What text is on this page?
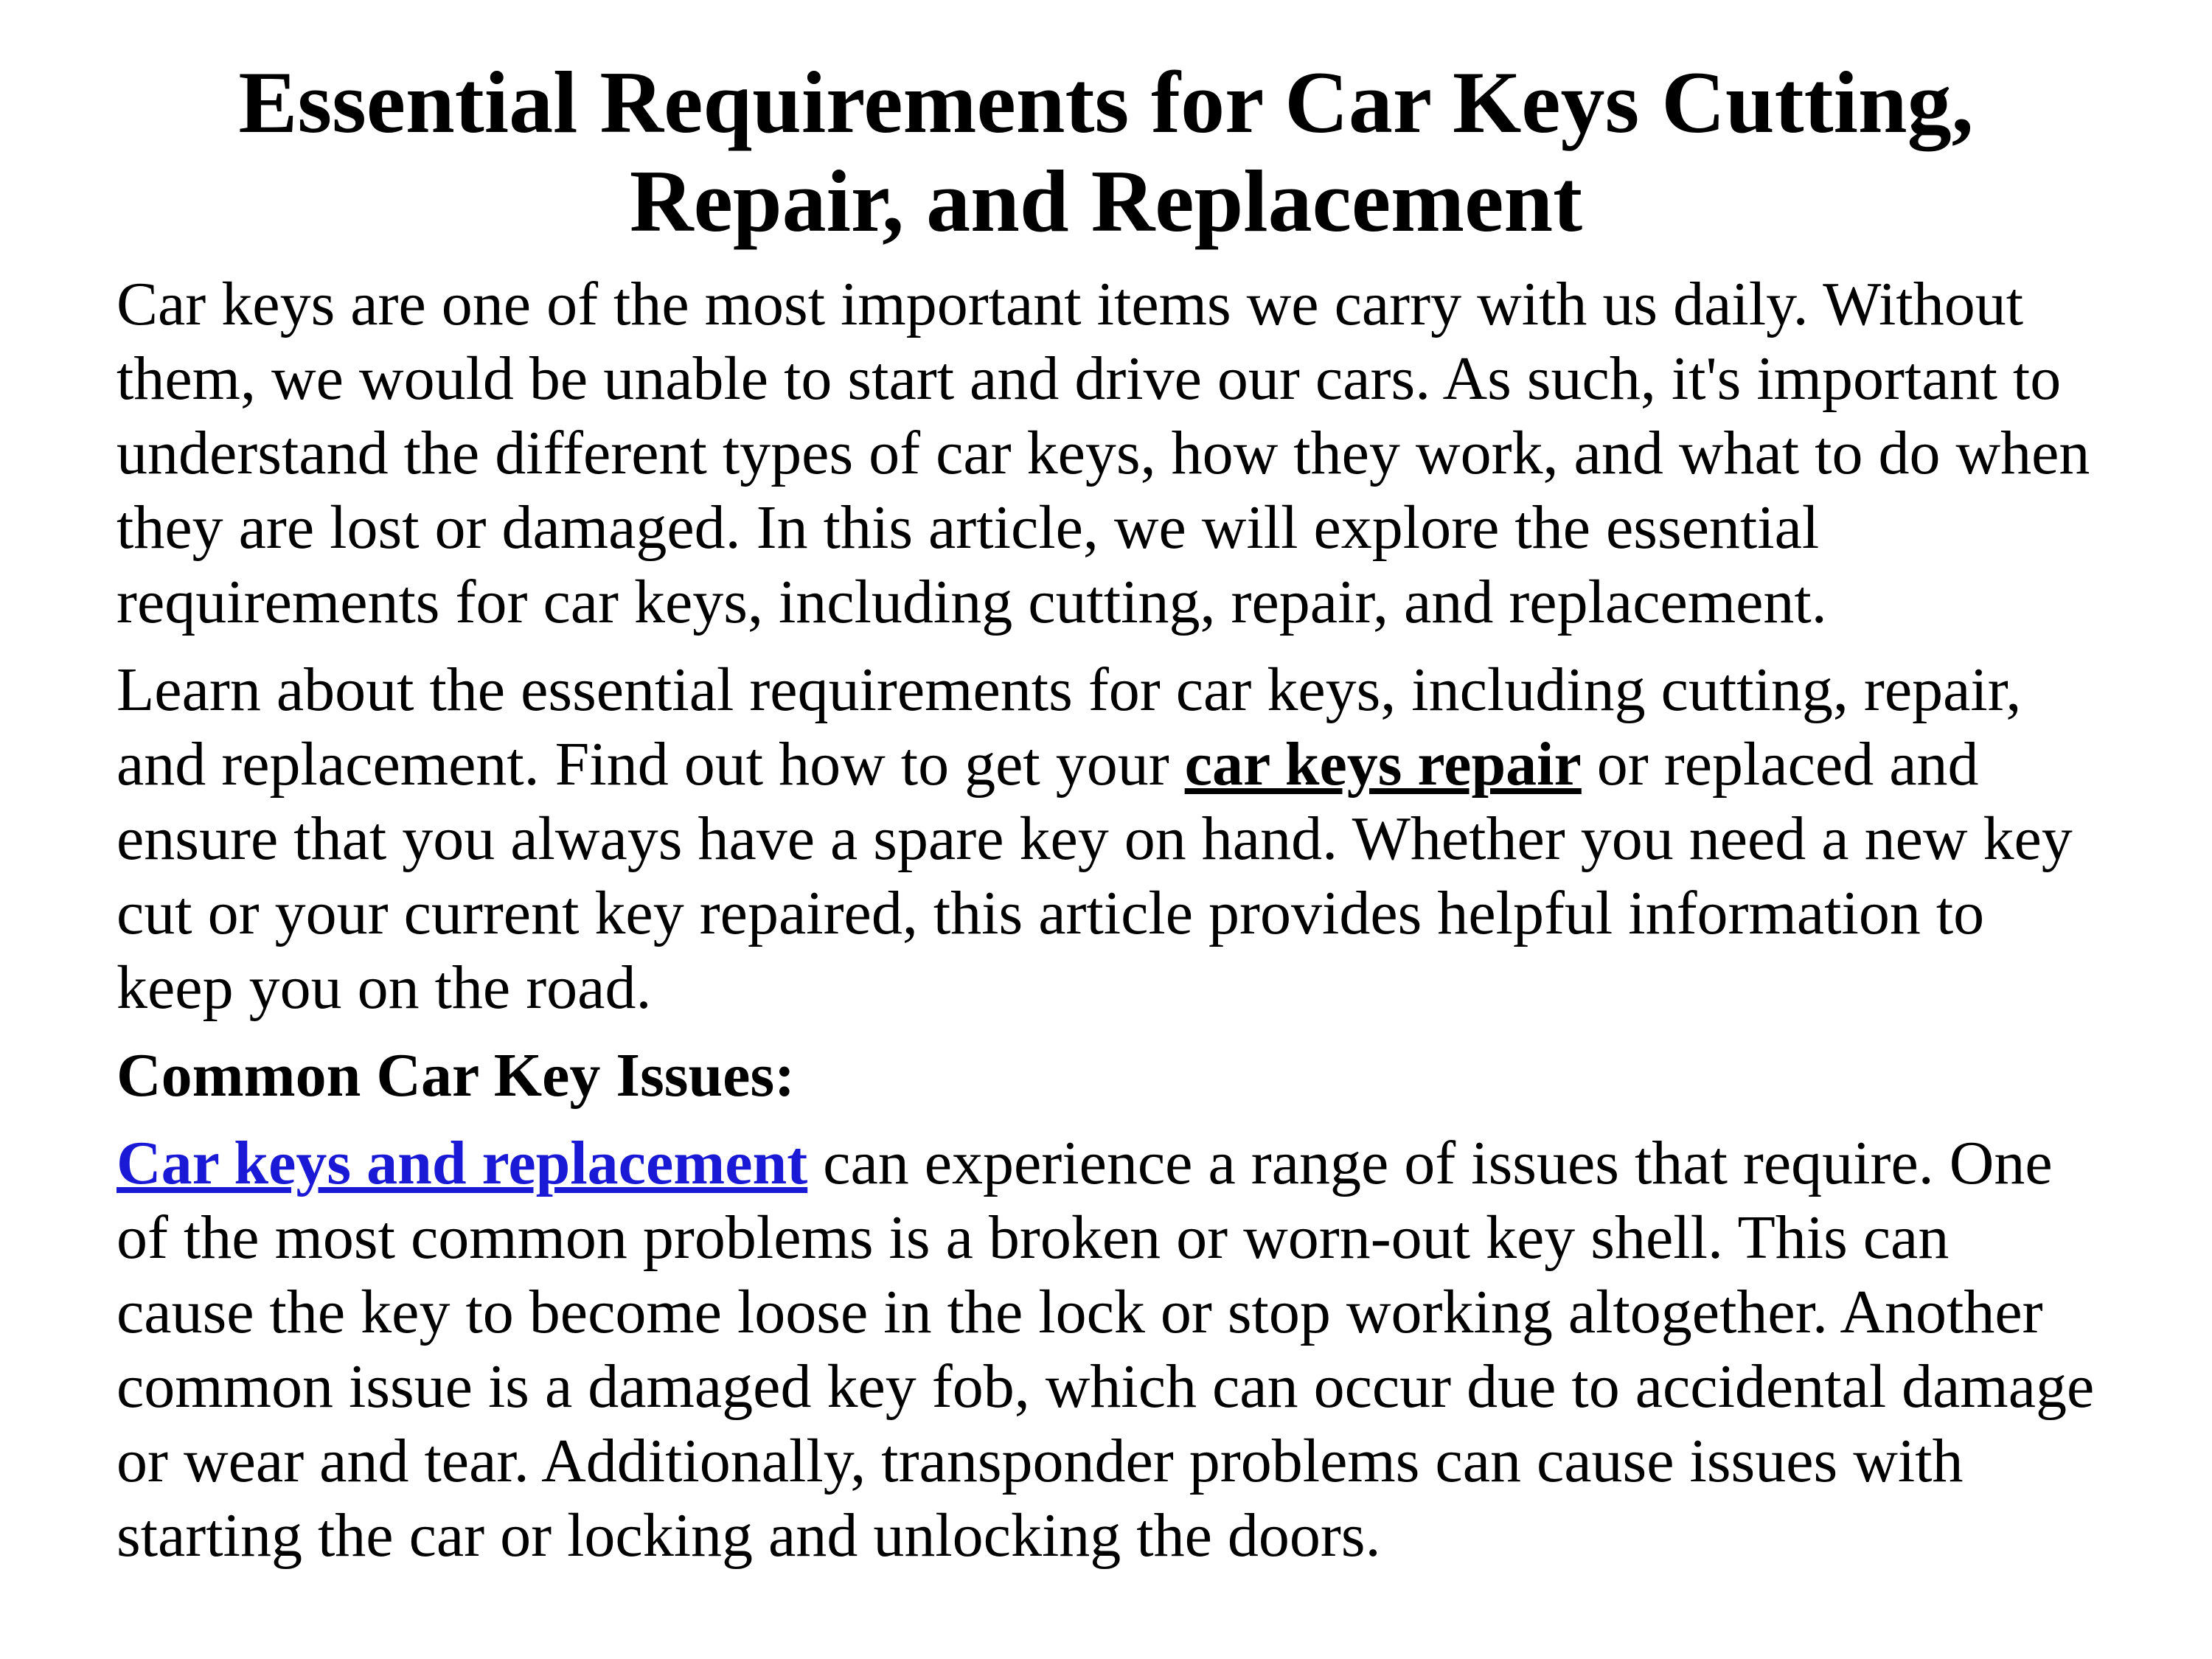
Essential Requirements for Car Keys Cutting, Repair, and Replacement

Car keys are one of the most important items we carry with us daily. Without them, we would be unable to start and drive our cars. As such, it's important to understand the different types of car keys, how they work, and what to do when they are lost or damaged. In this article, we will explore the essential requirements for car keys, including cutting, repair, and replacement.

Learn about the essential requirements for car keys, including cutting, repair, and replacement. Find out how to get your car keys repair or replaced and ensure that you always have a spare key on hand. Whether you need a new key cut or your current key repaired, this article provides helpful information to keep you on the road.

Common Car Key Issues:

Car keys and replacement can experience a range of issues that require. One of the most common problems is a broken or worn-out key shell. This can cause the key to become loose in the lock or stop working altogether. Another common issue is a damaged key fob, which can occur due to accidental damage or wear and tear. Additionally, transponder problems can cause issues with starting the car or locking and unlocking the doors.
